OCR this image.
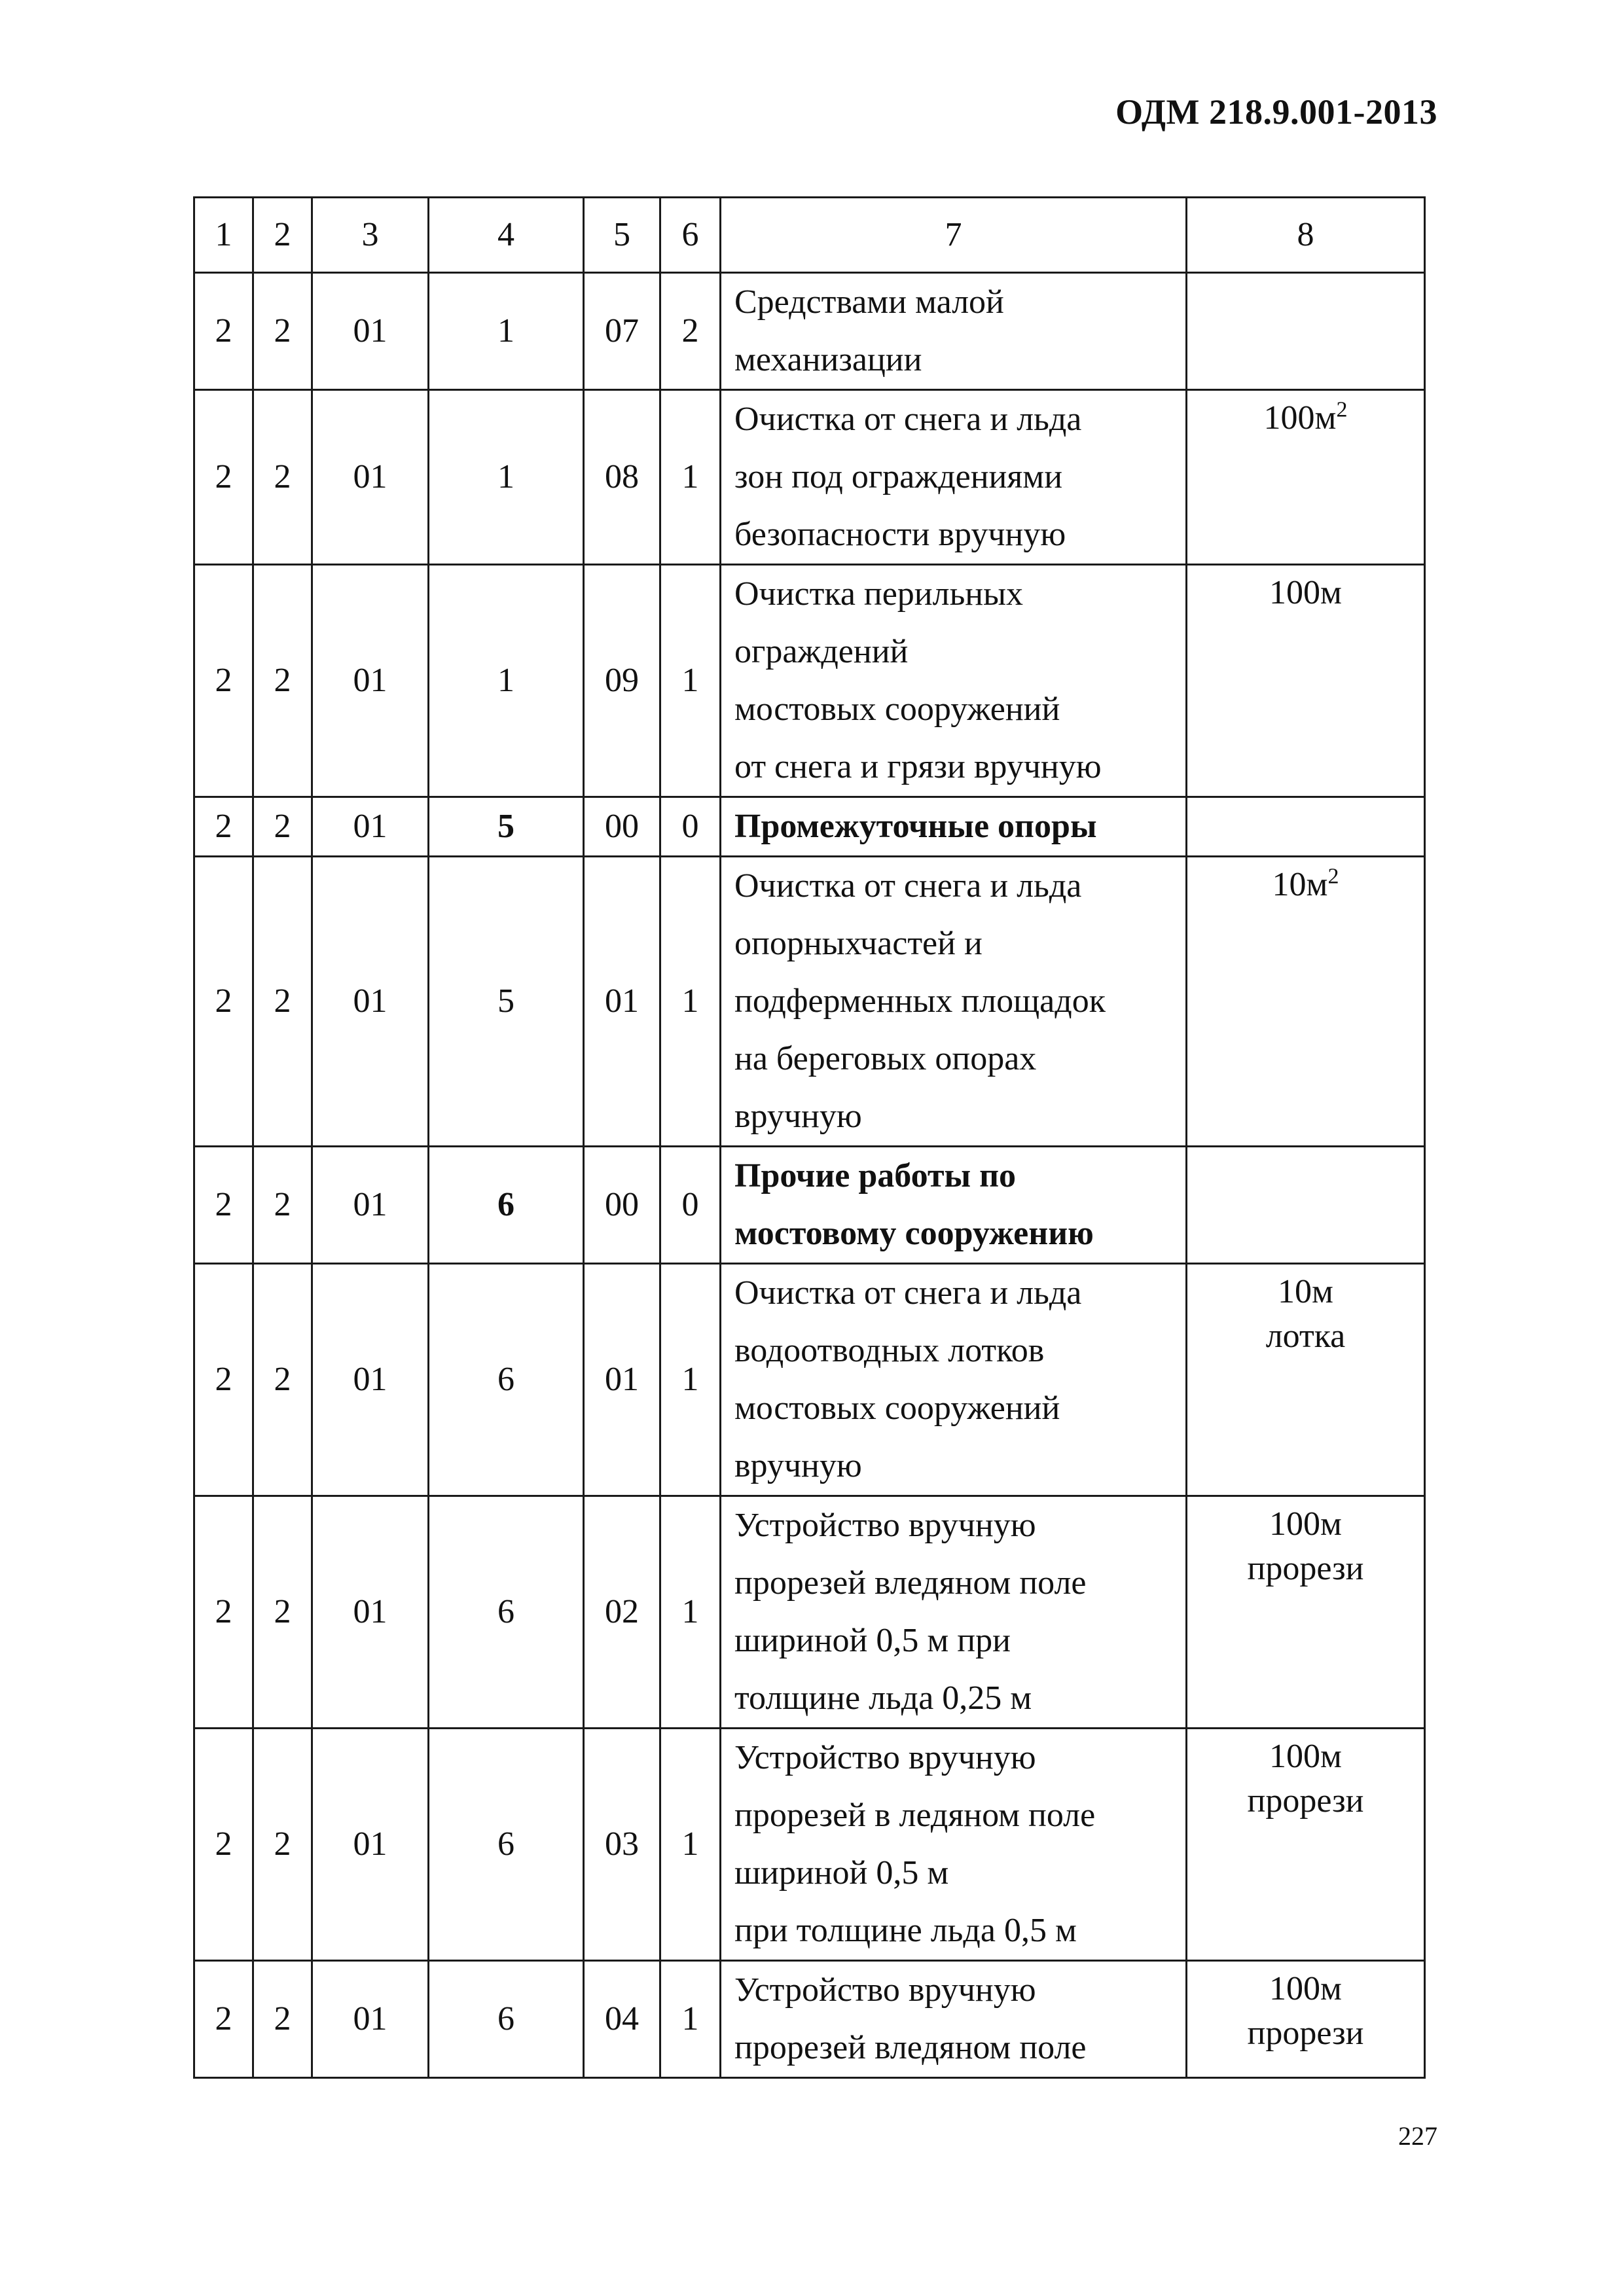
ОДМ 218.9.001-2013
1	2	3	4	5	6	7	8
2	2	01	1	07	2	Средствами малой
механизации	

2	2	01	1	08	1	Очистка от снега и льда
зон под ограждениями
безопасности вручную	$100м^2$

2	2	01	1	09	1	Очистка перильных
ограждений
мостовых сооружений
от снега и грязи вручную	100м

2	2	01	5	00	0	Промежуточные опоры	

2	2	01	5	01	1	Очистка от снега и льда
опорныхчастей и
подферменных площадок
на береговых опорах
вручную	$10м^2$

2	2	01	6	00	0	Прочие работы по
мостовому сооружению	

2	2	01	6	01	1	Очистка от снега и льда
водоотводных лотков
мостовых сооружений
вручную	10м
лотка

2	2	01	6	02	1	Устройство вручную
прорезей вледяном поле
шириной 0,5 м при
толщине льда 0,25 м	100м
прорези

2	2	01	6	03	1	Устройство вручную
прорезей в ледяном поле
шириной 0,5 м
при толщине льда 0,5 м	100м
прорези

2	2	01	6	04	1	Устройство вручную
прорезей вледяном поле	100м
прорези
227
